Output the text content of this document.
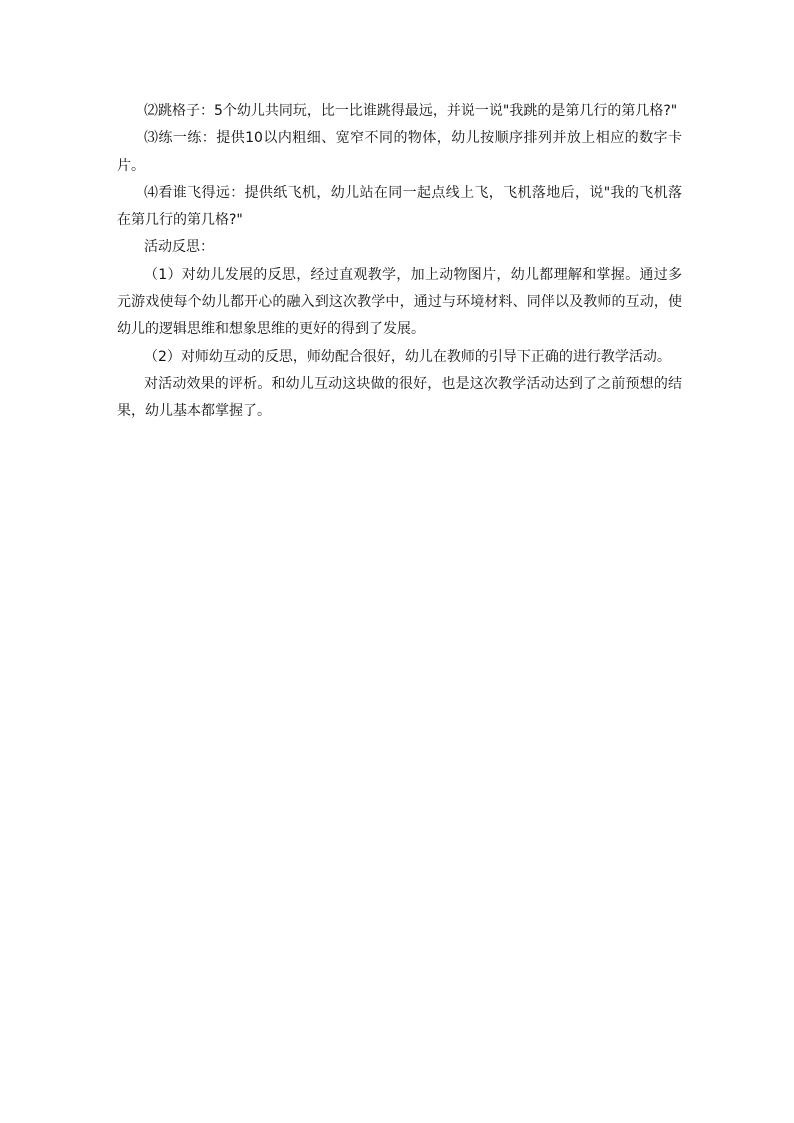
⑵跳格子：5个幼儿共同玩，比一比谁跳得最远，并说一说"我跳的是第几行的第几格?"

⑶练一练：提供10以内粗细、宽窄不同的物体，幼儿按顺序排列并放上相应的数字卡片。

⑷看谁飞得远：提供纸飞机，幼儿站在同一起点线上飞，飞机落地后，说"我的飞机落在第几行的第几格?"

活动反思：

（1）对幼儿发展的反思，经过直观教学，加上动物图片，幼儿都理解和掌握。通过多元游戏使每个幼儿都开心的融入到这次教学中，通过与环境材料、同伴以及教师的互动，使幼儿的逻辑思维和想象思维的更好的得到了发展。

（2）对师幼互动的反思，师幼配合很好，幼儿在教师的引导下正确的进行教学活动。

对活动效果的评析。和幼儿互动这块做的很好，也是这次教学活动达到了之前预想的结果，幼儿基本都掌握了。
